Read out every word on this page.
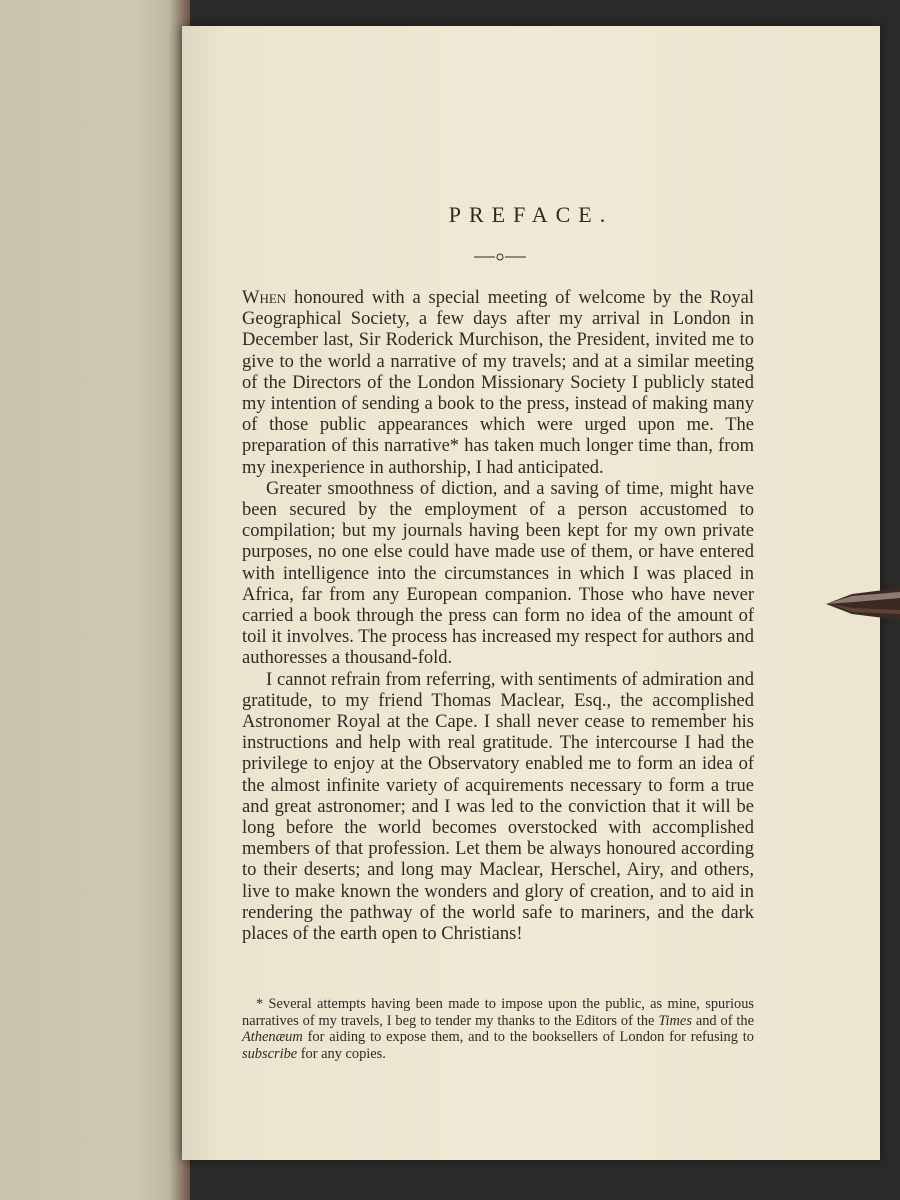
PREFACE.

When honoured with a special meeting of welcome by the Royal Geographical Society, a few days after my arrival in London in December last, Sir Roderick Murchison, the President, invited me to give to the world a narrative of my travels; and at a similar meeting of the Directors of the London Missionary Society I publicly stated my intention of sending a book to the press, instead of making many of those public appearances which were urged upon me. The preparation of this narrative* has taken much longer time than, from my inexperience in authorship, I had anticipated.

Greater smoothness of diction, and a saving of time, might have been secured by the employment of a person accustomed to compilation; but my journals having been kept for my own private purposes, no one else could have made use of them, or have entered with intelligence into the circumstances in which I was placed in Africa, far from any European companion. Those who have never carried a book through the press can form no idea of the amount of toil it involves. The process has increased my respect for authors and authoresses a thousand-fold.

I cannot refrain from referring, with sentiments of admiration and gratitude, to my friend Thomas Maclear, Esq., the accomplished Astronomer Royal at the Cape. I shall never cease to remember his instructions and help with real gratitude. The intercourse I had the privilege to enjoy at the Observatory enabled me to form an idea of the almost infinite variety of acquirements necessary to form a true and great astronomer; and I was led to the conviction that it will be long before the world becomes overstocked with accomplished members of that profession. Let them be always honoured according to their deserts; and long may Maclear, Herschel, Airy, and others, live to make known the wonders and glory of creation, and to aid in rendering the pathway of the world safe to mariners, and the dark places of the earth open to Christians!

* Several attempts having been made to impose upon the public, as mine, spurious narratives of my travels, I beg to tender my thanks to the Editors of the Times and of the Athenæum for aiding to expose them, and to the booksellers of London for refusing to subscribe for any copies.
